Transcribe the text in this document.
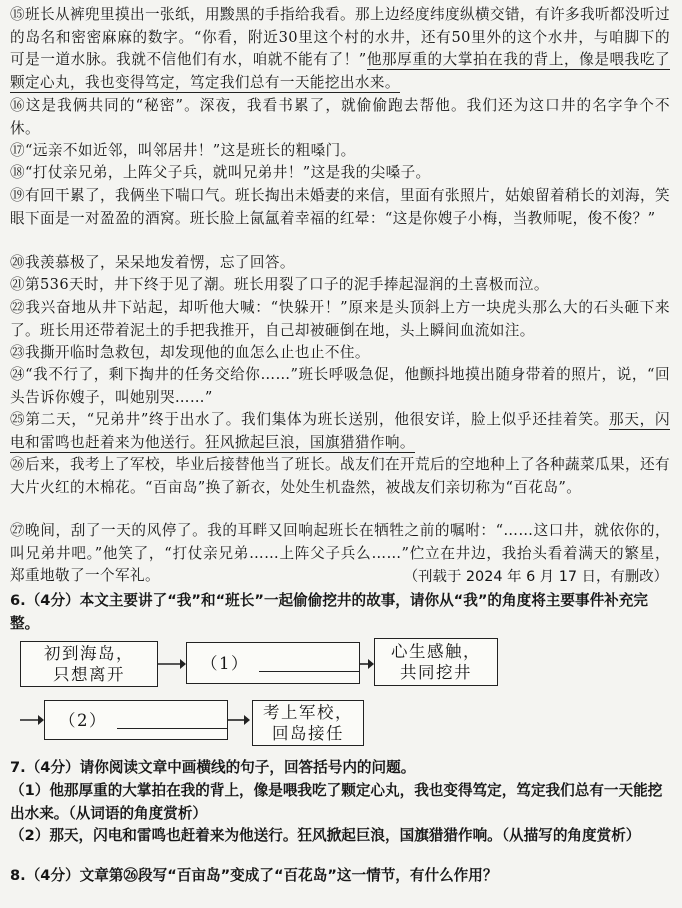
⑮班长从裤兜里摸出一张纸，用黢黑的手指给我看。那上边经度纬度纵横交错，有许多我听都没听过的岛名和密密麻麻的数字。“你看，附近30里这个村的水井，还有50里外的这个水井，与咱脚下的可是一道水脉。我就不信他们有水，咱就不能有了！”他那厚重的大掌拍在我的背上，像是喂我吃了颗定心丸，我也变得笃定，笃定我们总有一天能挖出水来。
⑯这是我俩共同的“秘密”。深夜，我看书累了，就偷偷跑去帮他。我们还为这口井的名字争个不休。
⑰“远亲不如近邻，叫邻居井！”这是班长的粗嗓门。
⑱“打仗亲兄弟，上阵父子兵，就叫兄弟井！”这是我的尖嗓子。
⑲有回干累了，我俩坐下喘口气。班长掏出未婚妻的来信，里面有张照片，姑娘留着稍长的刘海，笑眼下面是一对盈盈的酒窝。班长脸上氤氲着幸福的红晕：“这是你嫂子小梅，当教师呢，俊不俊？”
⑳我羡慕极了，呆呆地发着愣，忘了回答。
㉑第536天时，井下终于见了潮。班长用裂了口子的泥手捧起湿润的土喜极而泣。
㉒我兴奋地从井下站起，却听他大喊：“快躲开！”原来是头顶斜上方一块虎头那么大的石头砸下来了。班长用还带着泥土的手把我推开，自己却被砸倒在地，头上瞬间血流如注。
㉓我撕开临时急救包，却发现他的血怎么止也止不住。
㉔“我不行了，剩下掏井的任务交给你……”班长呼吸急促，他颤抖地摸出随身带着的照片，说，“回头告诉你嫂子，叫她别哭……”
㉕第二天，“兄弟井”终于出水了。我们集体为班长送别，他很安详，脸上似乎还挂着笑。那天，闪电和雷鸣也赶着来为他送行。狂风掀起巨浪，国旗猎猎作响。
㉖后来，我考上了军校，毕业后接替他当了班长。战友们在开荒后的空地种上了各种蔬菜瓜果，还有大片火红的木棉花。“百亩岛”换了新衣，处处生机盎然，被战友们亲切称为“百花岛”。
㉗晚间，刮了一天的风停了。我的耳畔又回响起班长在牺牲之前的嘱咐：“……这口井，就依你的，叫兄弟井吧。”他笑了，“打仗亲兄弟……上阵父子兵么……”伫立在井边，我抬头看着满天的繁星，郑重地敬了一个军礼。	（刊载于 2024 年 6 月 17 日，有删改）
6.（4分）本文主要讲了“我”和“班长”一起偷偷挖井的故事，请你从“我”的角度将主要事件补充完整。
初到海岛，
只想离开
（1）
心生感触，
共同挖井
（2）	考上军校，
回岛接任
7.（4分）请你阅读文章中画横线的句子，回答括号内的问题。
（1）他那厚重的大掌拍在我的背上，像是喂我吃了颗定心丸，我也变得笃定，笃定我们总有一天能挖出水来。（从词语的角度赏析）
（2）那天，闪电和雷鸣也赶着来为他送行。狂风掀起巨浪，国旗猎猎作响。（从描写的角度赏析）
8.（4分）文章第㉖段写“百亩岛”变成了“百花岛”这一情节，有什么作用？
